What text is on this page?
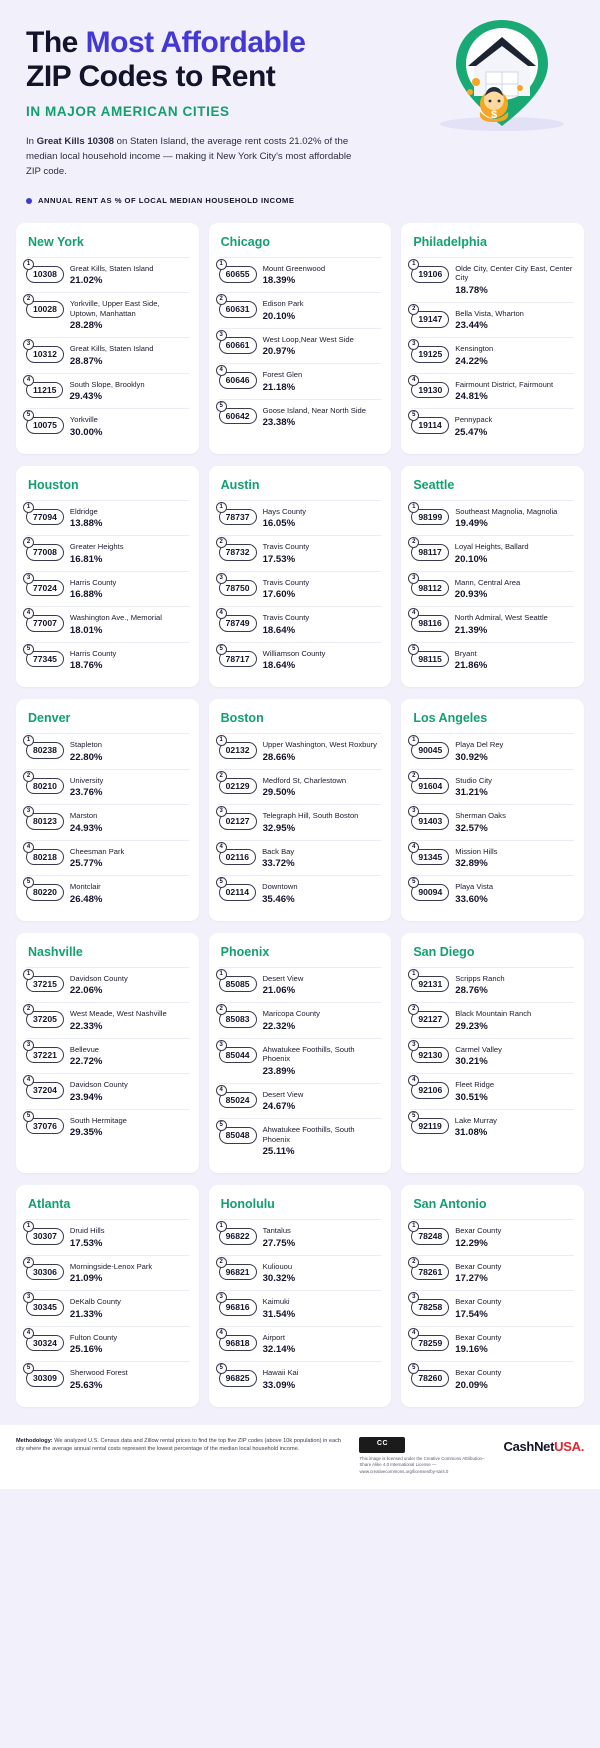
$
The Most Affordable
ZIP Codes to Rent
IN MAJOR AMERICAN CITIES
In Great Kills 10308 on Staten Island, the average rent costs 21.02% of the median local household income — making it New York City's most affordable ZIP code.
ANNUAL RENT AS % OF LOCAL MEDIAN HOUSEHOLD INCOME
New York
1
10308
Great Kills, Staten Island
21.02%
2
10028
Yorkville, Upper East Side, Uptown, Manhattan
28.28%
3
10312
Great Kills, Staten Island
28.87%
4
11215
South Slope, Brooklyn
29.43%
5
10075
Yorkville
30.00%
Chicago
1
60655
Mount Greenwood
18.39%
2
60631
Edison Park
20.10%
3
60661
West Loop,Near West Side
20.97%
4
60646
Forest Glen
21.18%
5
60642
Goose Island, Near North Side
23.38%
Philadelphia
1
19106
Olde City, Center City East, Center City
18.78%
2
19147
Bella Vista, Wharton
23.44%
3
19125
Kensington
24.22%
4
19130
Fairmount District, Fairmount
24.81%
5
19114
Pennypack
25.47%
Houston
1
77094
Eldridge
13.88%
2
77008
Greater Heights
16.81%
3
77024
Harris County
16.88%
4
77007
Washington Ave., Memorial
18.01%
5
77345
Harris County
18.76%
Austin
1
78737
Hays County
16.05%
2
78732
Travis County
17.53%
3
78750
Travis County
17.60%
4
78749
Travis County
18.64%
5
78717
Williamson County
18.64%
Seattle
1
98199
Southeast Magnolia, Magnolia
19.49%
2
98117
Loyal Heights, Ballard
20.10%
3
98112
Mann, Central Area
20.93%
4
98116
North Admiral, West Seattle
21.39%
5
98115
Bryant
21.86%
Denver
1
80238
Stapleton
22.80%
2
80210
University
23.76%
3
80123
Marston
24.93%
4
80218
Cheesman Park
25.77%
5
80220
Montclair
26.48%
Boston
1
02132
Upper Washington, West Roxbury
28.66%
2
02129
Medford St, Charlestown
29.50%
3
02127
Telegraph Hill, South Boston
32.95%
4
02116
Back Bay
33.72%
5
02114
Downtown
35.46%
Los Angeles
1
90045
Playa Del Rey
30.92%
2
91604
Studio City
31.21%
3
91403
Sherman Oaks
32.57%
4
91345
Mission Hills
32.89%
5
90094
Playa Vista
33.60%
Nashville
1
37215
Davidson County
22.06%
2
37205
West Meade, West Nashville
22.33%
3
37221
Bellevue
22.72%
4
37204
Davidson County
23.94%
5
37076
South Hermitage
29.35%
Phoenix
1
85085
Desert View
21.06%
2
85083
Maricopa County
22.32%
3
85044
Ahwatukee Foothills, South Phoenix
23.89%
4
85024
Desert View
24.67%
5
85048
Ahwatukee Foothills, South Phoenix
25.11%
San Diego
1
92131
Scripps Ranch
28.76%
2
92127
Black Mountain Ranch
29.23%
3
92130
Carmel Valley
30.21%
4
92106
Fleet Ridge
30.51%
5
92119
Lake Murray
31.08%
Atlanta
1
30307
Druid Hills
17.53%
2
30306
Morningside-Lenox Park
21.09%
3
30345
DeKalb County
21.33%
4
30324
Fulton County
25.16%
5
30309
Sherwood Forest
25.63%
Honolulu
1
96822
Tantalus
27.75%
2
96821
Kuliouou
30.32%
3
96816
Kaimuki
31.54%
4
96818
Airport
32.14%
5
96825
Hawaii Kai
33.09%
San Antonio
1
78248
Bexar County
12.29%
2
78261
Bexar County
17.27%
3
78258
Bexar County
17.54%
4
78259
Bexar County
19.16%
5
78260
Bexar County
20.09%
Methodology: We analyzed U.S. Census data and Zillow rental prices to find the top five ZIP codes (above 10k population) in each city where the average annual rental costs represent the lowest percentage of the median local household income.
CC
This image is licensed under the Creative Commons Attribution–Share Alike 4.0 International License — www.creativecommons.org/licenses/by-sa/4.0
CashNetUSA.
